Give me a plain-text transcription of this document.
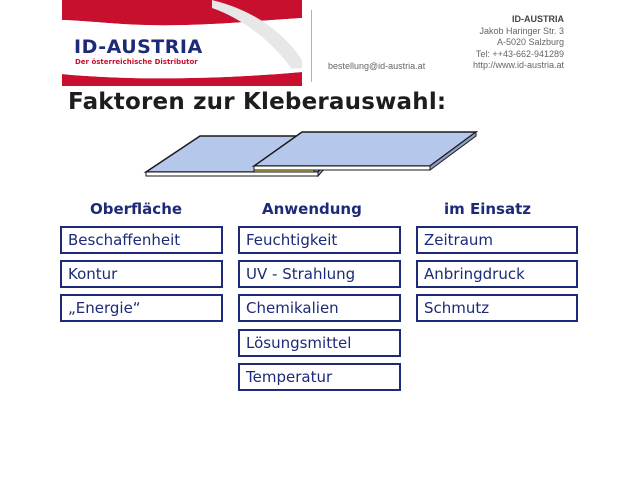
ID-AUSTRIA
Der österreichische Distributor	bestellung@id-austria.at
ID-AUSTRIA
Jakob Haringer Str. 3
A-5020 Salzburg
Tel: ++43-662-941289
http://www.id-austria.at
Faktoren zur Kleberauswahl:
Oberfläche	Anwendung	im Einsatz
Beschaffenheit
Kontur
„Energie“
Feuchtigkeit
UV - Strahlung
Chemikalien
Lösungsmittel
Temperatur
Zeitraum
Anbringdruck
Schmutz
